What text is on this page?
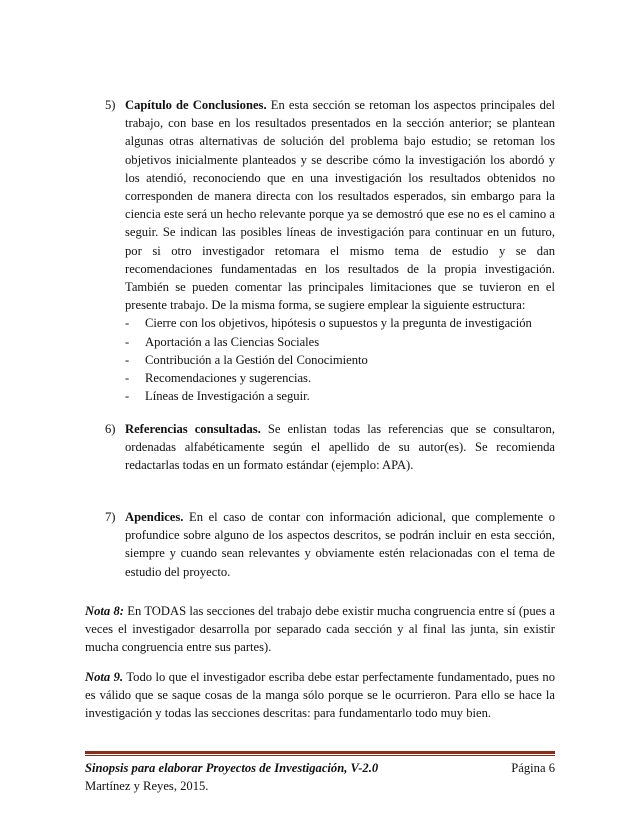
5) Capítulo de Conclusiones. En esta sección se retoman los aspectos principales del trabajo, con base en los resultados presentados en la sección anterior; se plantean algunas otras alternativas de solución del problema bajo estudio; se retoman los objetivos inicialmente planteados y se describe cómo la investigación los abordó y los atendió, reconociendo que en una investigación los resultados obtenidos no corresponden de manera directa con los resultados esperados, sin embargo para la ciencia este será un hecho relevante porque ya se demostró que ese no es el camino a seguir. Se indican las posibles líneas de investigación para continuar en un futuro, por si otro investigador retomara el mismo tema de estudio y se dan recomendaciones fundamentadas en los resultados de la propia investigación. También se pueden comentar las principales limitaciones que se tuvieron en el presente trabajo. De la misma forma, se sugiere emplear la siguiente estructura:
- Cierre con los objetivos, hipótesis o supuestos y la pregunta de investigación
- Aportación a las Ciencias Sociales
- Contribución a la Gestión del Conocimiento
- Recomendaciones y sugerencias.
- Líneas de Investigación a seguir.
6) Referencias consultadas. Se enlistan todas las referencias que se consultaron, ordenadas alfabéticamente según el apellido de su autor(es). Se recomienda redactarlas todas en un formato estándar (ejemplo: APA).
7) Apendices. En el caso de contar con información adicional, que complemente o profundice sobre alguno de los aspectos descritos, se podrán incluir en esta sección, siempre y cuando sean relevantes y obviamente estén relacionadas con el tema de estudio del proyecto.
Nota 8: En TODAS las secciones del trabajo debe existir mucha congruencia entre sí (pues a veces el investigador desarrolla por separado cada sección y al final las junta, sin existir mucha congruencia entre sus partes).
Nota 9. Todo lo que el investigador escriba debe estar perfectamente fundamentado, pues no es válido que se saque cosas de la manga sólo porque se le ocurrieron. Para ello se hace la investigación y todas las secciones descritas: para fundamentarlo todo muy bien.
Sinopsis para elaborar Proyectos de Investigación, V-2.0
Martínez y Reyes, 2015.
Página 6
